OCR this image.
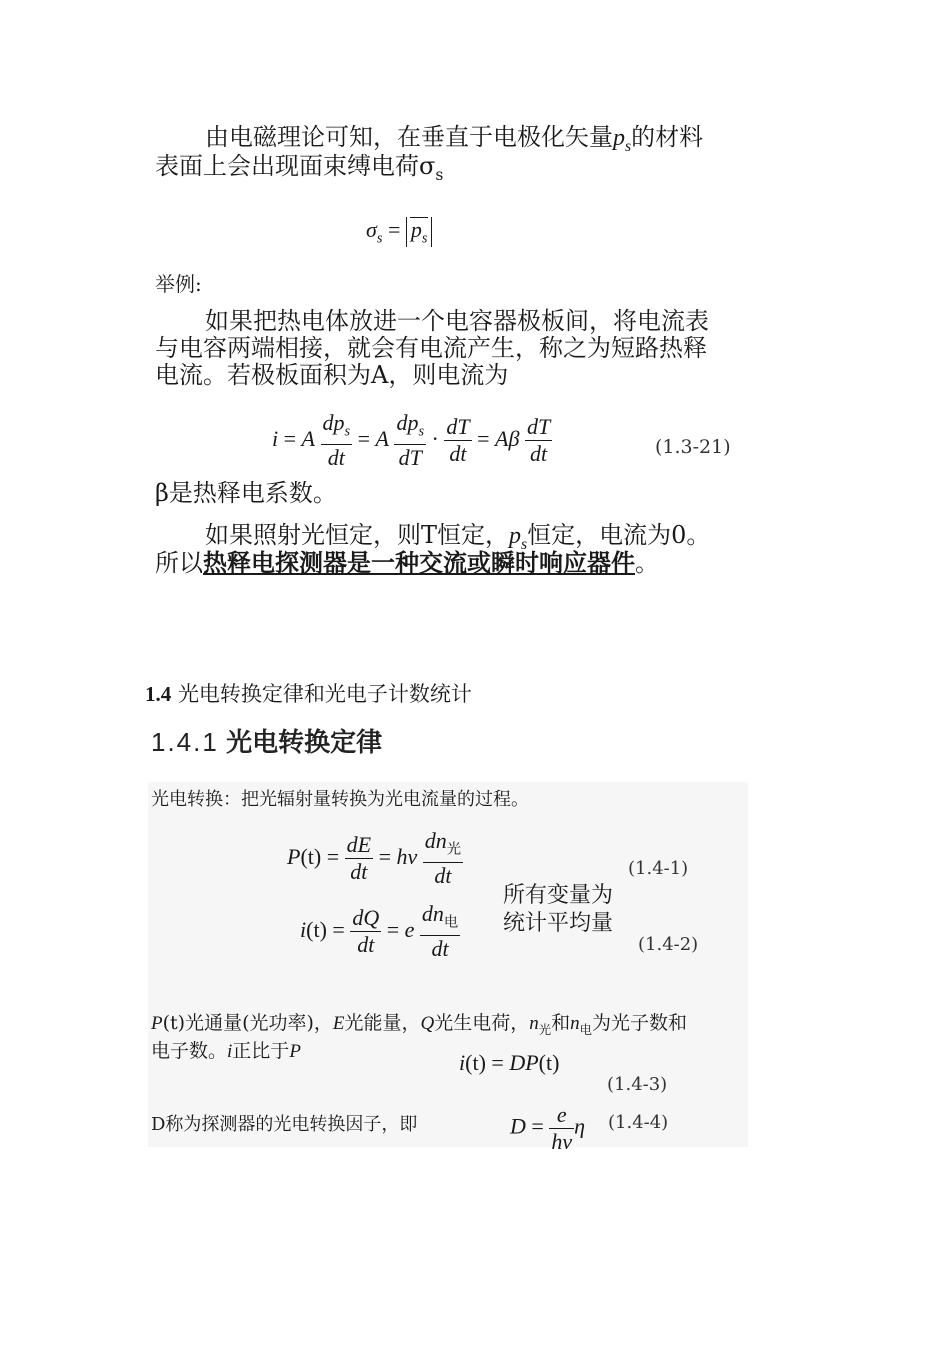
由电磁理论可知，在垂直于电极化矢量$p_s$的材料
表面上会出现面束缚电荷$\sigma_s$
$\sigma_s = p_s$
举例:
如果把热电体放进一个电容器极板间，将电流表
与电容两端相接，就会有电流产生，称之为短路热释
电流。若极板面积为A，则电流为
i = A $\frac{dp_s}{dt} = A \frac{dp_s}{dT} \cdot \frac{dT}{dt} = A\beta \frac{dT}{dt}$	(1.3-21)
β是热释电系数。
如果照射光恒定，则T恒定，$p_s$恒定，电流为0。
所以热释电探测器是一种交流或瞬时响应器件。
1.4 光电转换定律和光电子计数统计
1.4.1 光电转换定律
光电转换：把光辐射量转换为光电流量的过程。
$P(t) = \frac{dE}{dt} = h\nu \frac{dn_光}{dt}$	(1.4-1)
所有变量为
统计平均量
$i(t) = \frac{dQ}{dt} = e \frac{dn_电}{dt}$	(1.4-2)
P(t)光通量(光功率)，E光能量，Q光生电荷，$n_光$和$n_电$为光子数和
电子数。i正比于P	i(t) = DP(t)
(1.4-3)
D称为探测器的光电转换因子，即	$D = \frac{e}{h\nu}$ η (1.4-4)
